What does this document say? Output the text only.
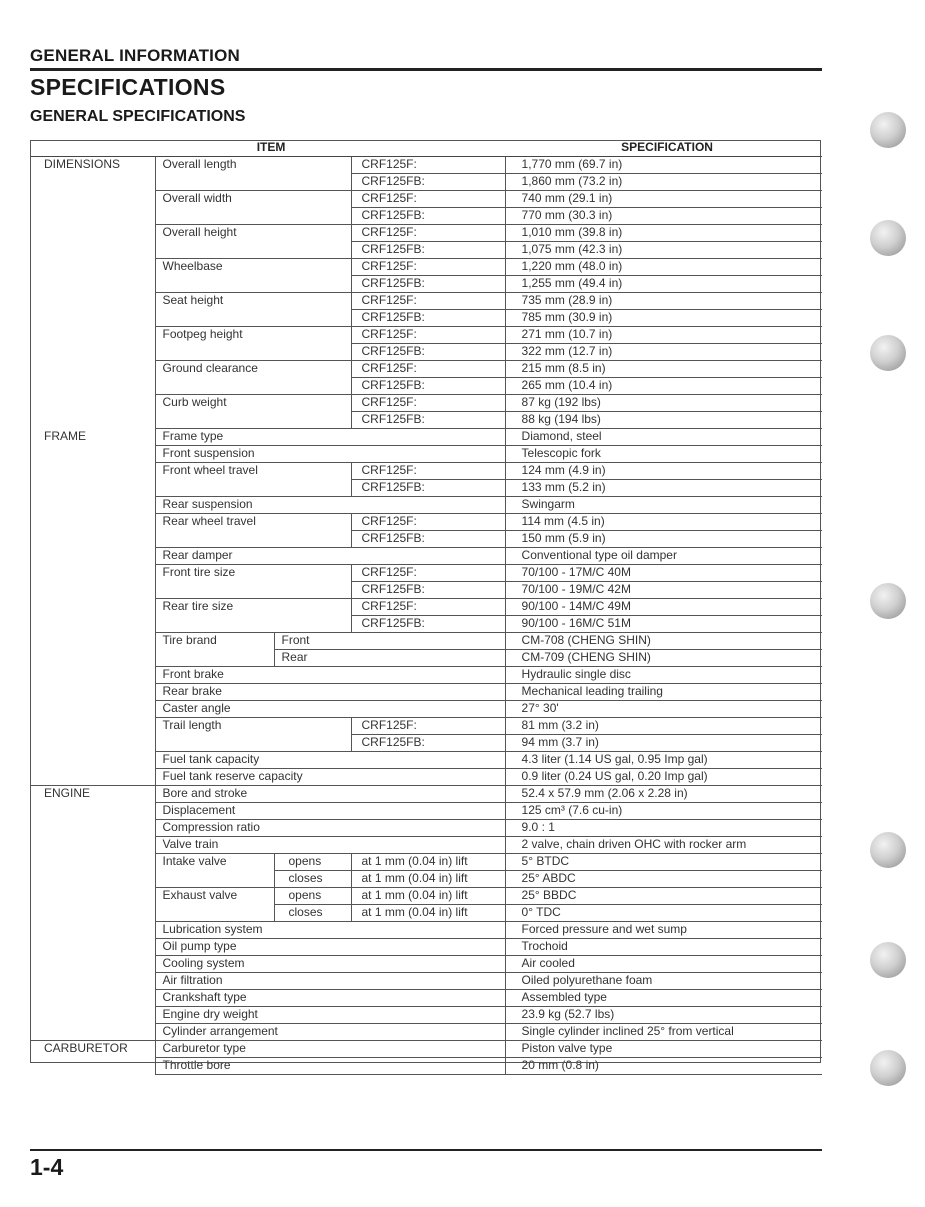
GENERAL INFORMATION
SPECIFICATIONS
GENERAL SPECIFICATIONS
ITEM				SPECIFICATION
DIMENSIONS	Overall length		CRF125F:	1,770 mm (69.7 in)
			CRF125FB:	1,860 mm (73.2 in)
	Overall width		CRF125F:	740 mm (29.1 in)
			CRF125FB:	770 mm (30.3 in)
	Overall height		CRF125F:	1,010 mm (39.8 in)
			CRF125FB:	1,075 mm (42.3 in)
	Wheelbase		CRF125F:	1,220 mm (48.0 in)
			CRF125FB:	1,255 mm (49.4 in)
	Seat height		CRF125F:	735 mm (28.9 in)
			CRF125FB:	785 mm (30.9 in)
	Footpeg height		CRF125F:	271 mm (10.7 in)
			CRF125FB:	322 mm (12.7 in)
	Ground clearance		CRF125F:	215 mm (8.5 in)
			CRF125FB:	265 mm (10.4 in)
	Curb weight		CRF125F:	87 kg (192 lbs)
			CRF125FB:	88 kg (194 lbs)
FRAME	Frame type			Diamond, steel
	Front suspension			Telescopic fork
	Front wheel travel		CRF125F:	124 mm (4.9 in)
			CRF125FB:	133 mm (5.2 in)
	Rear suspension			Swingarm
	Rear wheel travel		CRF125F:	114 mm (4.5 in)
			CRF125FB:	150 mm (5.9 in)
	Rear damper			Conventional type oil damper
	Front tire size		CRF125F:	70/100 - 17M/C 40M
			CRF125FB:	70/100 - 19M/C 42M
	Rear tire size		CRF125F:	90/100 - 14M/C 49M
			CRF125FB:	90/100 - 16M/C 51M
	Tire brand	Front		CM-708 (CHENG SHIN)
		Rear		CM-709 (CHENG SHIN)
	Front brake			Hydraulic single disc
	Rear brake			Mechanical leading trailing
	Caster angle			27° 30'
	Trail length		CRF125F:	81 mm (3.2 in)
			CRF125FB:	94 mm (3.7 in)
	Fuel tank capacity			4.3 liter (1.14 US gal, 0.95 Imp gal)
	Fuel tank reserve capacity			0.9 liter (0.24 US gal, 0.20 Imp gal)
ENGINE	Bore and stroke			52.4 x 57.9 mm (2.06 x 2.28 in)
	Displacement			125 cm³ (7.6 cu-in)
	Compression ratio			9.0 : 1
	Valve train			2 valve, chain driven OHC with rocker arm
	Intake valve	opens	at 1 mm (0.04 in) lift	5° BTDC
		closes	at 1 mm (0.04 in) lift	25° ABDC
	Exhaust valve	opens	at 1 mm (0.04 in) lift	25° BBDC
		closes	at 1 mm (0.04 in) lift	0° TDC
	Lubrication system			Forced pressure and wet sump
	Oil pump type			Trochoid
	Cooling system			Air cooled
	Air filtration			Oiled polyurethane foam
	Crankshaft type			Assembled type
	Engine dry weight			23.9 kg (52.7 lbs)
	Cylinder arrangement			Single cylinder inclined 25° from vertical
CARBURETOR	Carburetor type			Piston valve type
	Throttle bore			20 mm (0.8 in)
1-4
